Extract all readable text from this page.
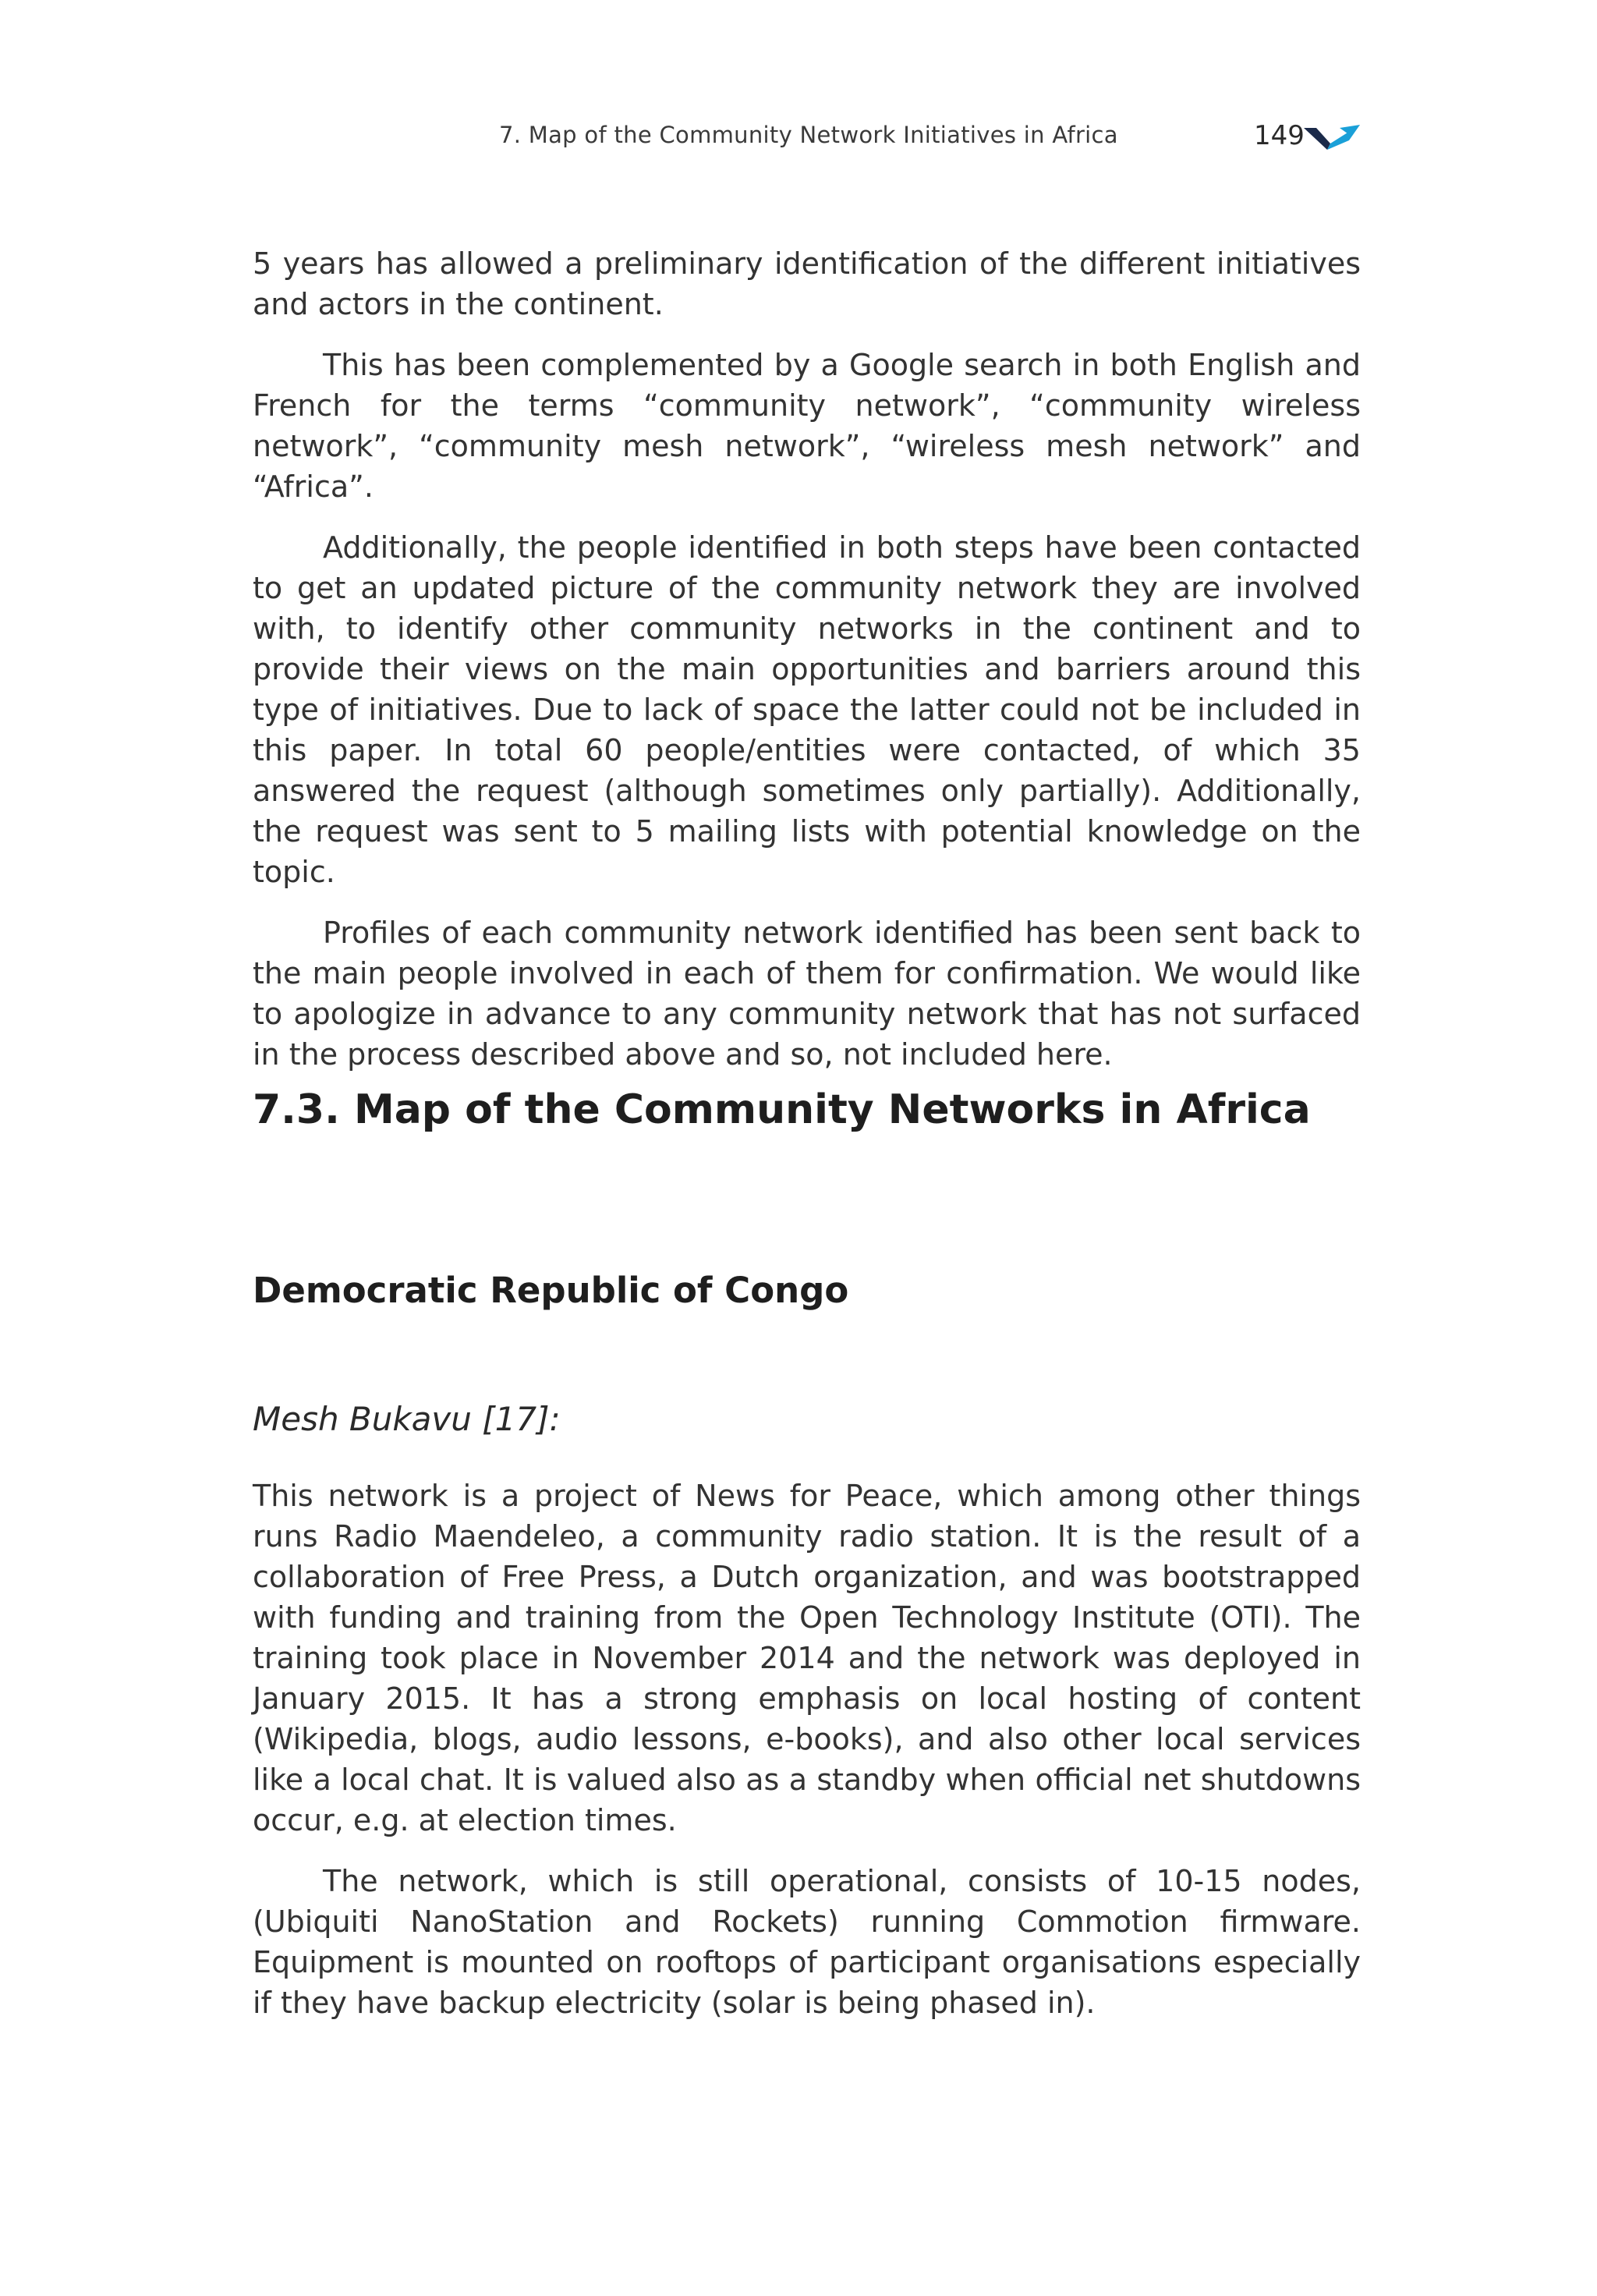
7. Map of the Community Network Initiatives in Africa	149

5 years has allowed a preliminary identification of the different initiatives and actors in the continent.

This has been complemented by a Google search in both English and French for the terms “community network”, “community wireless network”, “community mesh network”, “wireless mesh network” and “Africa”.

Additionally, the people identified in both steps have been contacted to get an updated picture of the community network they are involved with, to identify other community networks in the continent and to provide their views on the main opportunities and barriers around this type of initiatives. Due to lack of space the latter could not be included in this paper. In total 60 people/entities were contacted, of which 35 answered the request (although sometimes only partially). Additionally, the request was sent to 5 mailing lists with potential knowledge on the topic.

Profiles of each community network identified has been sent back to the main people involved in each of them for confirmation. We would like to apologize in advance to any community network that has not surfaced in the process described above and so, not included here.

7.3. Map of the Community Networks in Africa
Democratic Republic of Congo
Mesh Bukavu [17]:

This network is a project of News for Peace, which among other things runs Radio Maendeleo, a community radio station. It is the result of a collaboration of Free Press, a Dutch organization, and was bootstrapped with funding and training from the Open Technology Institute (OTI). The training took place in November 2014 and the network was deployed in January 2015. It has a strong emphasis on local hosting of content (Wikipedia, blogs, audio lessons, e-books), and also other local services like a local chat. It is valued also as a standby when official net shutdowns occur, e.g. at election times.

The network, which is still operational, consists of 10-15 nodes, (Ubiquiti NanoStation and Rockets) running Commotion firmware. Equipment is mounted on rooftops of participant organisations especially if they have backup electricity (solar is being phased in).
